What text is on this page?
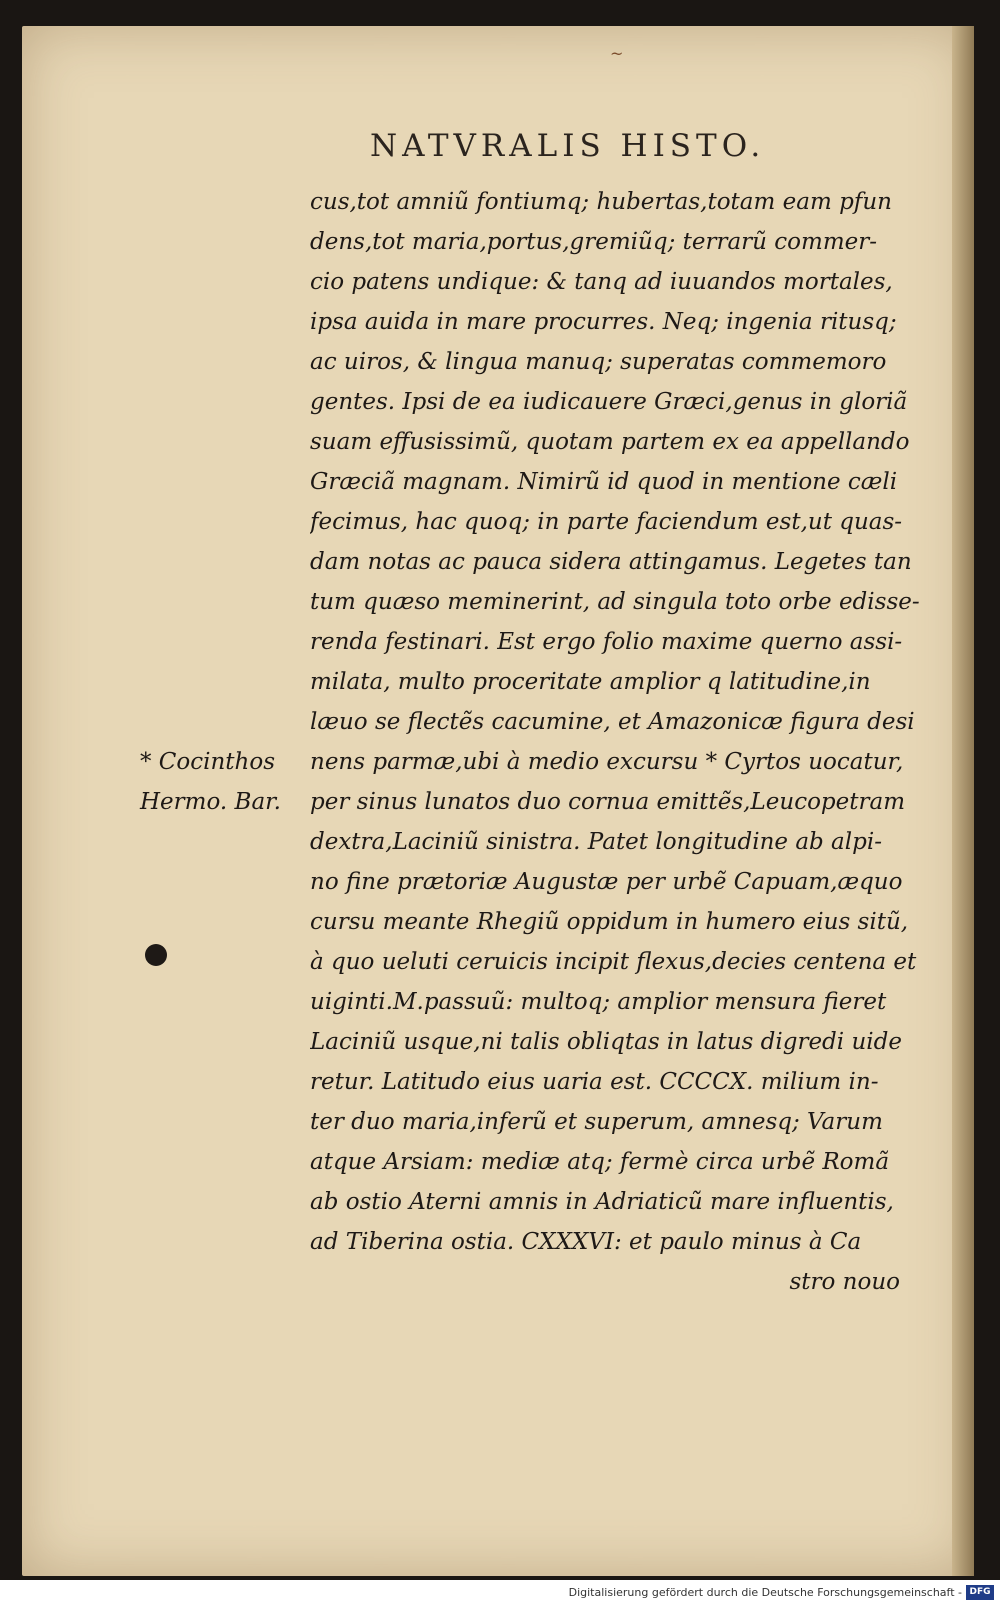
~
NATVRALIS HISTO.
* Cocinthos
Hermo. Bar.
cus,tot amniũ fontiumq; hubertas,totam eam pfun
dens,tot maria,portus,gremiũq; terrarũ commer-
cio patens undique: & tanq ad iuuandos mortales,
ipsa auida in mare procurres. Neq; ingenia ritusq;
ac uiros, & lingua manuq; superatas commemoro
gentes. Ipsi de ea iudicauere Græci,genus in gloriã
suam effusissimũ, quotam partem ex ea appellando
Græciã magnam. Nimirũ id quod in mentione cæli
fecimus, hac quoq; in parte faciendum est,ut quas-
dam notas ac pauca sidera attingamus. Legetes tan
tum quæso meminerint, ad singula toto orbe edisse-
renda festinari. Est ergo folio maxime querno assi-
milata, multo proceritate amplior q latitudine,in
læuo se flectẽs cacumine, et Amazonicæ figura desi
nens parmæ,ubi à medio excursu * Cyrtos uocatur,
per sinus lunatos duo cornua emittẽs,Leucopetram
dextra,Laciniũ sinistra. Patet longitudine ab alpi-
no fine prætoriæ Augustæ per urbẽ Capuam,æquo
cursu meante Rhegiũ oppidum in humero eius sitũ,
à quo ueluti ceruicis incipit flexus,decies centena et
uiginti.M.passuũ: multoq; amplior mensura fieret
Laciniũ usque,ni talis obliqtas in latus digredi uide
retur. Latitudo eius uaria est. CCCCX. milium in-
ter duo maria,inferũ et superum, amnesq; Varum
atque Arsiam: mediæ atq; fermè circa urbẽ Romã
ab ostio Aterni amnis in Adriaticũ mare influentis,
ad Tiberina ostia. CXXXVI: et paulo minus à Ca
stro nouo
Digitalisierung gefördert durch die Deutsche Forschungsgemeinschaft - DFG
